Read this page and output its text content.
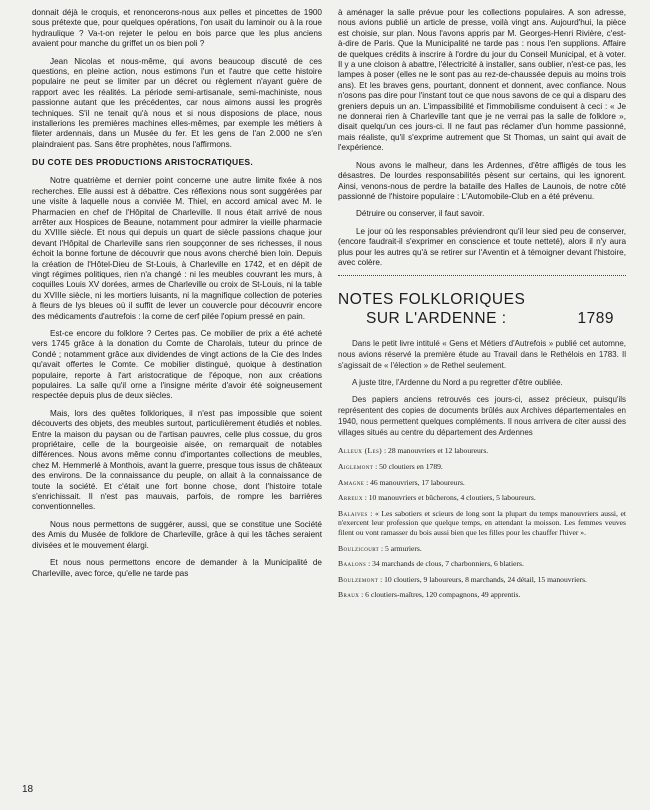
donnait déjà le croquis, et renoncerons-nous aux pelles et pincettes de 1900 sous prétexte que, pour quelques opérations, l'on usait du laminoir ou à la roue hydraulique ? Va-t-on rejeter le pelou en bois parce que les plus anciens avaient pour manche du griffet un os bien poli ?

Jean Nicolas et nous-même, qui avons beaucoup discuté de ces questions, en pleine action, nous estimons l'un et l'autre que cette histoire populaire ne peut se limiter par un décret ou règlement n'ayant guère de rapport avec les réalités. La période semi-artisanale, semi-machiniste, nous passionne autant que les précédentes, car nous aimons aussi les progrès techniques. S'il ne tenait qu'à nous et si nous disposions de place, nous installerions les premières machines elles-mêmes, par exemple les métiers à fileter ardennais, dans un Musée du fer. Et les gens de l'an 2.000 ne s'en plaindraient pas. Sans être prophètes, nous l'affirmons.

DU COTE DES PRODUCTIONS ARISTOCRATIQUES.

Notre quatrième et dernier point concerne une autre limite fixée à nos recherches. Elle aussi est à débattre. Ces réflexions nous sont suggérées par une visite à laquelle nous a conviée M. Thiel, en accord amical avec M. le Pharmacien en chef de l'Hôpital de Charleville. Il nous était arrivé de nous arrêter aux Hospices de Beaune, notamment pour admirer la vieille pharmacie du XVIIIe siècle. Et nous qui depuis un quart de siècle passions chaque jour devant l'Hôpital de Charleville sans rien soupçonner de ses richesses, il nous échoit la bonne fortune de découvrir que nous avons cherché bien loin. Depuis la création de l'Hôtel-Dieu de St-Louis, à Charleville en 1742, et en dépit de vingt régimes politiques, rien n'a changé : ni les meubles couvrant les murs, à coquilles Louis XV dorées, armes de Charleville ou croix de St-Louis, ni la table du XVIIIe siècle, ni les mortiers luisants, ni la magnifique collection de poteries à fleurs de lys bleues où il suffit de lever un couvercle pour découvrir encore des médicaments d'autrefois : la corne de cerf pilée l'opium pressé en pain.

Est-ce encore du folklore ? Certes pas. Ce mobilier de prix a été acheté vers 1745 grâce à la donation du Comte de Charolais, tuteur du prince de Condé ; notamment grâce aux dividendes de vingt actions de la Cie des Indes qu'avait offertes le Comte. Ce mobilier distingué, quoique à destination populaire, reporte à l'art aristocratique de l'époque, non aux créations populaires. La salle qu'il orne a l'insigne mérite d'avoir été soigneusement respectée depuis plus de deux siècles.

Mais, lors des quêtes folkloriques, il n'est pas impossible que soient découverts des objets, des meubles surtout, particulièrement étudiés et nobles. Entre la maison du paysan ou de l'artisan pauvres, celle plus cossue, du gros propriétaire, celle de la bourgeoisie aisée, on remarquait de notables différences. Nous avons même connu d'importantes collections de meubles, chez M. Hemmerlé à Monthois, avant la guerre, presque tous issus de châteaux des environs. De la connaissance du peuple, on allait à la connaissance de toute la société. Et c'était une fort bonne chose, dont l'histoire totale s'enrichissait. Il n'est pas mauvais, parfois, de rompre les barrières conventionnelles.

Nous nous permettons de suggérer, aussi, que se constitue une Société des Amis du Musée de folklore de Charleville, grâce à qui les tâches seraient divisées et le mouvement élargi.

Et nous nous permettons encore de demander à la Municipalité de Charleville, avec force, qu'elle ne tarde pas

à aménager la salle prévue pour les collections populaires. A son adresse, nous avions publié un article de presse, voilà vingt ans. Aujourd'hui, la pièce est choisie, sur plan. Nous l'avons appris par M. Georges-Henri Rivière, c'est-à-dire de Paris. Que la Municipalité ne tarde pas : nous l'en supplions. Affaire de quelques crédits à inscrire à l'ordre du jour du Conseil Municipal, et à voter. Il y a une cloison à abattre, l'électricité à installer, sans oublier, n'est-ce pas, les lampes à poser (elles ne le sont pas au rez-de-chaussée depuis au moins trois ans). Et les braves gens, pourtant, donnent et donnent, avec confiance. Nous n'osons pas dire pour l'instant tout ce que nous savons de ce qui a disparu des greniers depuis un an. L'impassibilité et l'immobilisme conduisent à ceci : « Je ne donnerai rien à Charleville tant que je ne verrai pas la salle de folklore », disait quelqu'un ces jours-ci. Il ne faut pas réclamer d'un homme passionné, mais réaliste, qu'il s'exprime autrement que St Thomas, un saint qui avait de l'expérience.

Nous avons le malheur, dans les Ardennes, d'être affligés de tous les désastres. De lourdes responsabilités pèsent sur certains, qui les ignorent. Ainsi, venons-nous de perdre la bataille des Halles de Launois, de notre côté passionné de l'histoire populaire : L'Automobile-Club en a été prévenu.

Détruire ou conserver, il faut savoir.

Le jour où les responsables préviendront qu'il leur sied peu de conserver, (encore faudrait-il s'exprimer en conscience et toute netteté), alors il n'y aura plus pour les autres qu'à se retirer sur l'Aventin et à témoigner devant l'histoire, avec colère.

NOTES FOLKLORIQUES
SUR L'ARDENNE :	1789

Dans le petit livre intitulé « Gens et Métiers d'Autrefois » publié cet automne, nous avions réservé la première étude au Travail dans le Rethélois en 1783. Il s'agissait de « l'élection » de Rethel seulement.

A juste titre, l'Ardenne du Nord a pu regretter d'être oubliée.

Des papiers anciens retrouvés ces jours-ci, assez précieux, puisqu'ils représentent des copies de documents brûlés aux Archives départementales en 1940, nous permettent quelques compléments. Il nous arrivera de citer aussi des villages situés au centre du département des Ardennes

Alleux (Les) : 28 manouvriers et 12 laboureurs.
Aiglemont : 50 cloutiers en 1789.
Amagne : 46 manouvriers, 17 laboureurs.
Arreux : 10 manouvriers et bûcherons, 4 cloutiers, 5 laboureurs.
Balaives : « Les sabotiers et scieurs de long sont la plupart du temps manouvriers aussi, et n'exercent leur profession que quelque temps, en attendant la moisson. Les femmes veuves filent ou vont ramasser du bois aussi bien que les filles pour les chauffer l'hiver ».
Boulzicourt : 5 armuriers.
Baalons : 34 marchands de clous, 7 charbonniers, 6 blatiers.
Boulzemont : 10 cloutiers, 9 laboureurs, 8 marchands, 24 détail, 15 manouvriers.
Braux : 6 cloutiers-maîtres, 120 compagnons, 49 apprentis.
18
